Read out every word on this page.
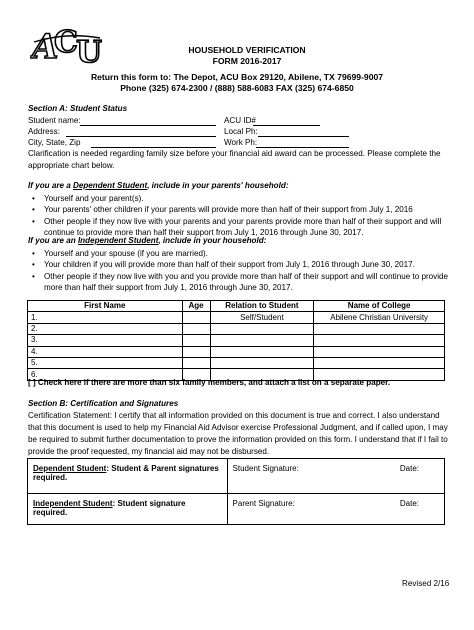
A
C
U	HOUSEHOLD VERIFICATION
FORM 2016-2017
Return this form to: The Depot, ACU Box 29120, Abilene, TX 79699-9007
Phone (325) 674-2300 / (888) 588-6083 FAX (325) 674-6850
Section A: Student Status
Student name:	ACU ID#
Address:	Local Ph:
City, State, Zip	Work Ph:
Clarification is needed regarding family size before your financial aid award can be processed. Please complete the appropriate chart below.
If you are a Dependent Student, include in your parents' household:
• Yourself and your parent(s).
• Your parents' other children if your parents will provide more than half of their support from July 1, 2016
• Other people if they now live with your parents and your parents provide more than half of their support and will continue to provide more than half their support from July 1, 2016 through June 30, 2017.
If you are an Independent Student, include in your household:
• Yourself and your spouse (if you are married).
• Your children if you will provide more than half of their support from July 1, 2016 through June 30, 2017.
• Other people if they now live with you and you provide more than half of their support and will continue to provide more than half their support from July 1, 2016 through June 30, 2017.
First Name	Age	Relation to Student	Name of College
1.		Self/Student	Abilene Christian University
2.			
3.			
4.			
5.			
6.			
[ ] Check here if there are more than six family members, and attach a list on a separate paper.
Section B: Certification and Signatures
Certification Statement: I certify that all information provided on this document is true and correct. I also understand that this document is used to help my Financial Aid Advisor exercise Professional Judgment, and if called upon, I may be required to submit further documentation to prove the information provided on this form. I understand that if I fail to provide the proof requested, my financial aid may not be disbursed.
Dependent Student: Student & Parent signatures required.	Student Signature: Date:

Independent Student: Student signature required.	Parent Signature: Date:
Revised 2/16
